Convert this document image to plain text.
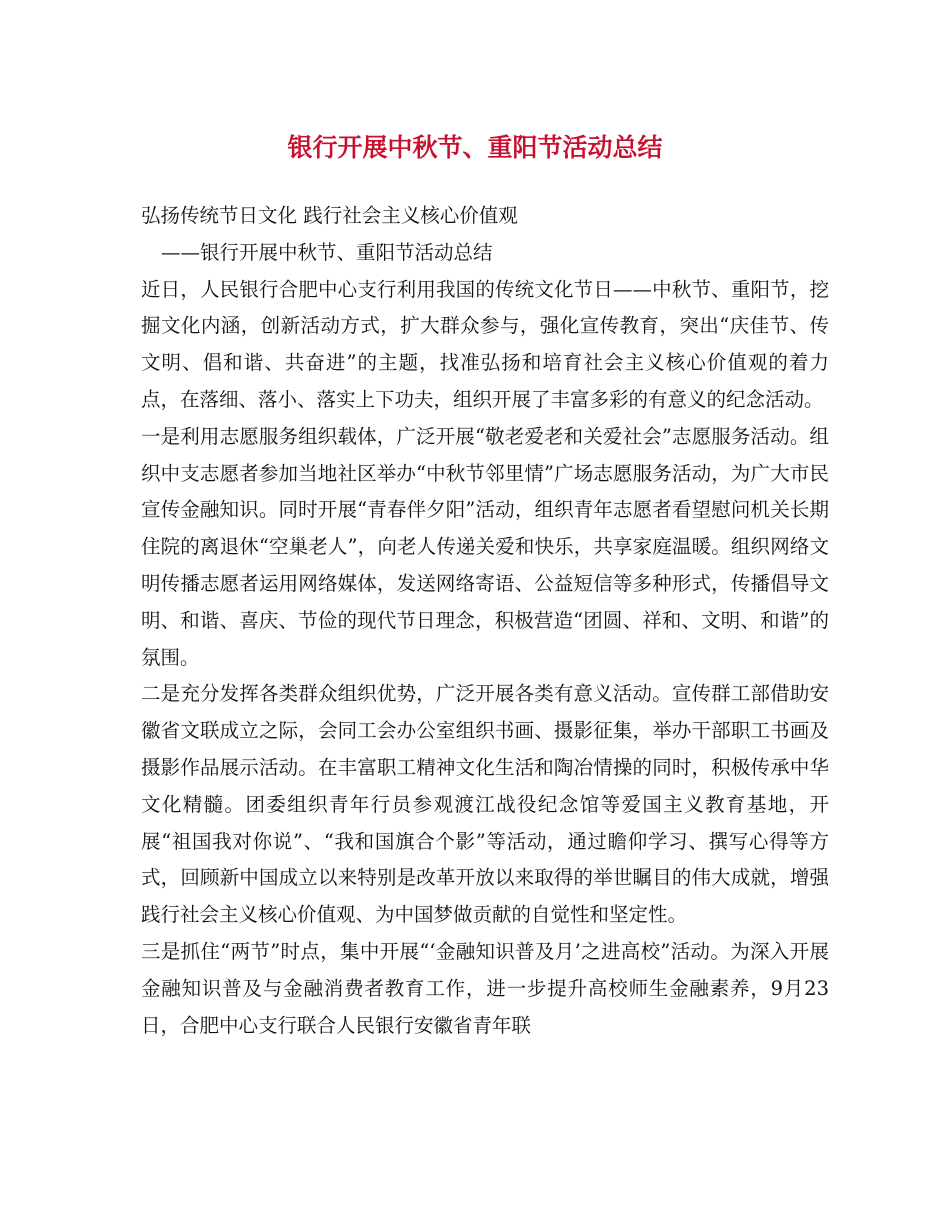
银行开展中秋节、重阳节活动总结

弘扬传统节日文化 践行社会主义核心价值观

——银行开展中秋节、重阳节活动总结

近日，人民银行合肥中心支行利用我国的传统文化节日——中秋节、重阳节，挖掘文化内涵，创新活动方式，扩大群众参与，强化宣传教育，突出“庆佳节、传文明、倡和谐、共奋进”的主题，找准弘扬和培育社会主义核心价值观的着力点，在落细、落小、落实上下功夫，组织开展了丰富多彩的有意义的纪念活动。

一是利用志愿服务组织载体，广泛开展“敬老爱老和关爱社会”志愿服务活动。组织中支志愿者参加当地社区举办“中秋节邻里情”广场志愿服务活动，为广大市民宣传金融知识。同时开展“青春伴夕阳”活动，组织青年志愿者看望慰问机关长期住院的离退休“空巢老人”，向老人传递关爱和快乐，共享家庭温暖。组织网络文明传播志愿者运用网络媒体，发送网络寄语、公益短信等多种形式，传播倡导文明、和谐、喜庆、节俭的现代节日理念，积极营造“团圆、祥和、文明、和谐”的氛围。

二是充分发挥各类群众组织优势，广泛开展各类有意义活动。宣传群工部借助安徽省文联成立之际，会同工会办公室组织书画、摄影征集，举办干部职工书画及摄影作品展示活动。在丰富职工精神文化生活和陶冶情操的同时，积极传承中华文化精髓。团委组织青年行员参观渡江战役纪念馆等爱国主义教育基地，开展“祖国我对你说”、“我和国旗合个影”等活动，通过瞻仰学习、撰写心得等方式，回顾新中国成立以来特别是改革开放以来取得的举世瞩目的伟大成就，增强践行社会主义核心价值观、为中国梦做贡献的自觉性和坚定性。

三是抓住“两节”时点，集中开展“‘金融知识普及月’之进高校”活动。为深入开展金融知识普及与金融消费者教育工作，进一步提升高校师生金融素养，9月23日，合肥中心支行联合人民银行安徽省青年联
